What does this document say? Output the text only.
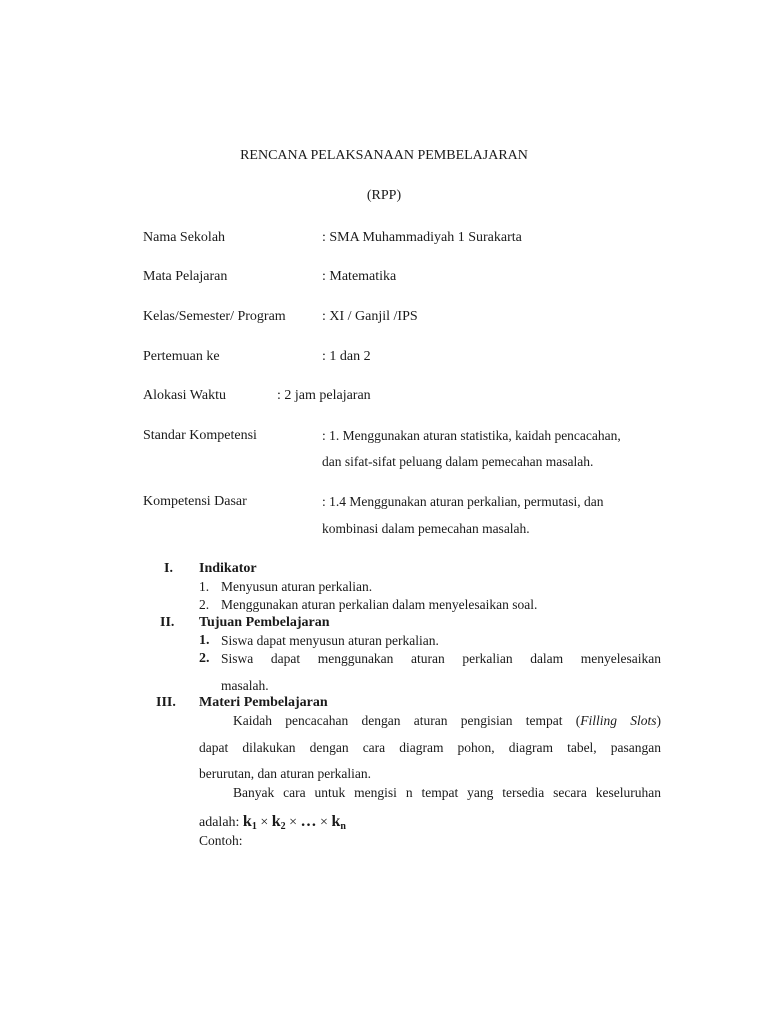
RENCANA PELAKSANAAN PEMBELAJARAN
(RPP)
Nama Sekolah	: SMA Muhammadiyah 1 Surakarta
Mata Pelajaran	: Matematika
Kelas/Semester/ Program	: XI / Ganjil /IPS
Pertemuan ke	: 1 dan 2
Alokasi Waktu	: 2 jam pelajaran
Standar Kompetensi	: 1. Menggunakan aturan statistika, kaidah pencacahan,
dan sifat-sifat peluang dalam pemecahan masalah.
Kompetensi Dasar	: 1.4 Menggunakan aturan perkalian, permutasi, dan
kombinasi dalam pemecahan masalah.
I. Indikator
1. Menyusun aturan perkalian.
2. Menggunakan aturan perkalian dalam menyelesaikan soal.
II. Tujuan Pembelajaran
1. Siswa dapat menyusun aturan perkalian.
2. Siswa dapat menggunakan aturan perkalian dalam menyelesaikan
masalah.
III. Materi Pembelajaran
Kaidah pencacahan dengan aturan pengisian tempat (Filling Slots)
dapat dilakukan dengan cara diagram pohon, diagram tabel, pasangan
berurutan, dan aturan perkalian.
Banyak cara untuk mengisi n tempat yang tersedia secara keseluruhan
adalah: $k_1 \times k_2$ × … × $k_n$
Contoh:
